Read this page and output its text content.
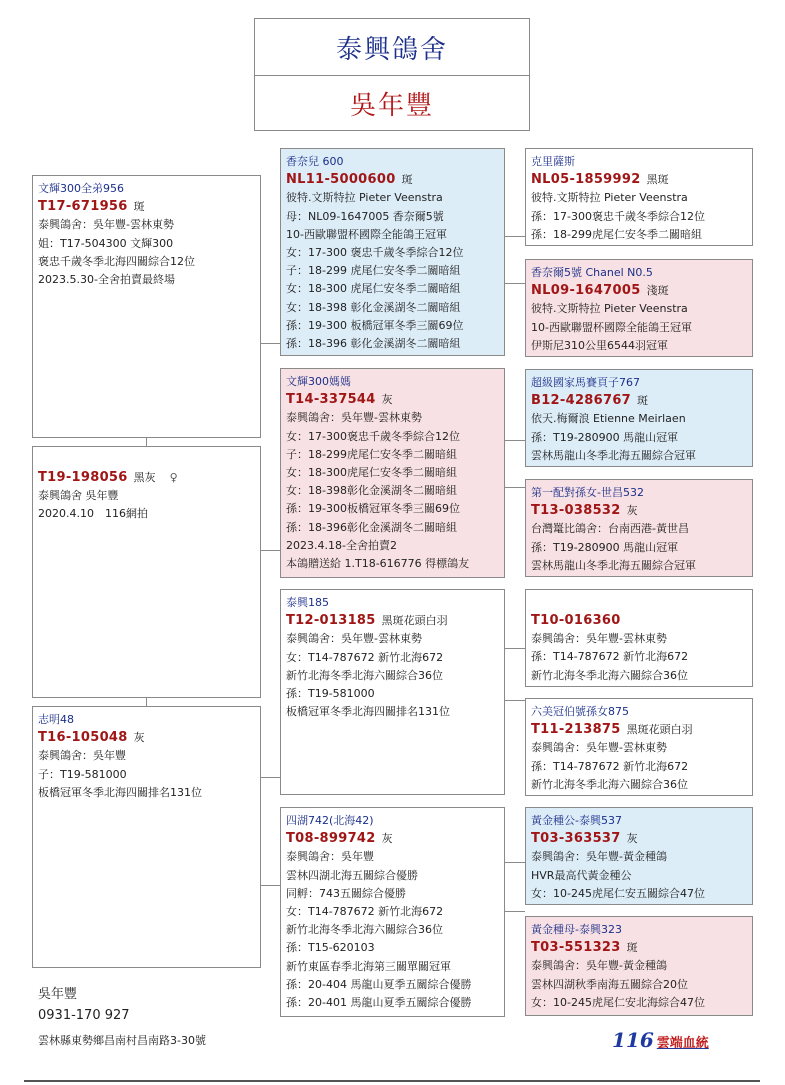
泰興鴿舍
吳年豐
文輝300全弟956
T17-671956 斑
泰興鴿舍：吳年豐-雲林東勢
姐：T17-504300 文輝300
褒忠千歲冬季北海四關綜合12位
2023.5.30-全舍拍賣最終場
T19-198056 黑灰 ♀
泰興鴿舍 吳年豐
2020.4.10　116網拍
志明48
T16-105048 灰
泰興鴿舍：吳年豐
子：T19-581000
板橋冠軍冬季北海四關排名131位
香奈兒 600
NL11-5000600 斑
彼特.文斯特拉 Pieter Veenstra
母：NL09-1647005 香奈爾5號
10-西歐聯盟杯國際全能鴿王冠軍
女：17-300 褒忠千歲冬季綜合12位
子：18-299 虎尾仁安冬季二關暗組
女：18-300 虎尾仁安冬季二關暗組
女：18-398 彰化金溪湖冬二關暗組
孫：19-300 板橋冠軍冬季三關69位
孫：18-396 彰化金溪湖冬二關暗組
文輝300媽媽
T14-337544 灰
泰興鴿舍：吳年豐-雲林東勢
女：17-300褒忠千歲冬季綜合12位
子：18-299虎尾仁安冬季二關暗組
女：18-300虎尾仁安冬季二關暗組
女：18-398彰化金溪湖冬二關暗組
孫：19-300板橋冠軍冬季三關69位
孫：18-396彰化金溪湖冬二關暗組
2023.4.18-全舍拍賣2
本鴿贈送給 1.T18-616776 得標鴿友
泰興185
T12-013185 黑斑花頭白羽
泰興鴿舍：吳年豐-雲林東勢
女：T14-787672 新竹北海672
新竹北海冬季北海六關綜合36位
孫：T19-581000
板橋冠軍冬季北海四關排名131位
四湖742(北海42)
T08-899742 灰
泰興鴿舍：吳年豐
雲林四湖北海五關綜合優勝
同孵：743五關綜合優勝
女：T14-787672 新竹北海672
新竹北海冬季北海六關綜合36位
孫：T15-620103
新竹東區春季北海第三關單關冠軍
孫：20-404 馬龍山夏季五關綜合優勝
孫：20-401 馬龍山夏季五關綜合優勝
克里薩斯
NL05-1859992 黑斑
彼特.文斯特拉 Pieter Veenstra
孫：17-300褒忠千歲冬季綜合12位
孫：18-299虎尾仁安冬季二關暗組
香奈爾5號 Chanel N0.5
NL09-1647005 淺斑
彼特.文斯特拉 Pieter Veenstra
10-西歐聯盟杯國際全能鴿王冠軍
伊斯尼310公里6544羽冠軍
超級國家馬賽頁子767
B12-4286767 斑
依天.梅爾浪 Etienne Meirlaen
孫：T19-280900 馬龍山冠軍
雲林馬龍山冬季北海五關綜合冠軍
第一配對孫女-世昌532
T13-038532 灰
台灣鼍比鴿舍：台南西港-黃世昌
孫：T19-280900 馬龍山冠軍
雲林馬龍山冬季北海五關綜合冠軍
T10-016360
泰興鴿舍：吳年豐-雲林東勢
孫：T14-787672 新竹北海672
新竹北海冬季北海六關綜合36位
六美冠伯號孫女875
T11-213875 黑斑花頭白羽
泰興鴿舍：吳年豐-雲林東勢
孫：T14-787672 新竹北海672
新竹北海冬季北海六關綜合36位
黃金種公-泰興537
T03-363537 灰
泰興鴿舍：吳年豐-黃金種鴿
HVR最高代黃金種公
女：10-245虎尾仁安五關綜合47位
黃金種母-泰興323
T03-551323 斑
泰興鴿舍：吳年豐-黃金種鴿
雲林四湖秋季南海五關綜合20位
女：10-245虎尾仁安北海綜合47位
吳年豐
0931-170 927
雲林縣東勢鄉昌南村昌南路3-30號	116 雲端血統
